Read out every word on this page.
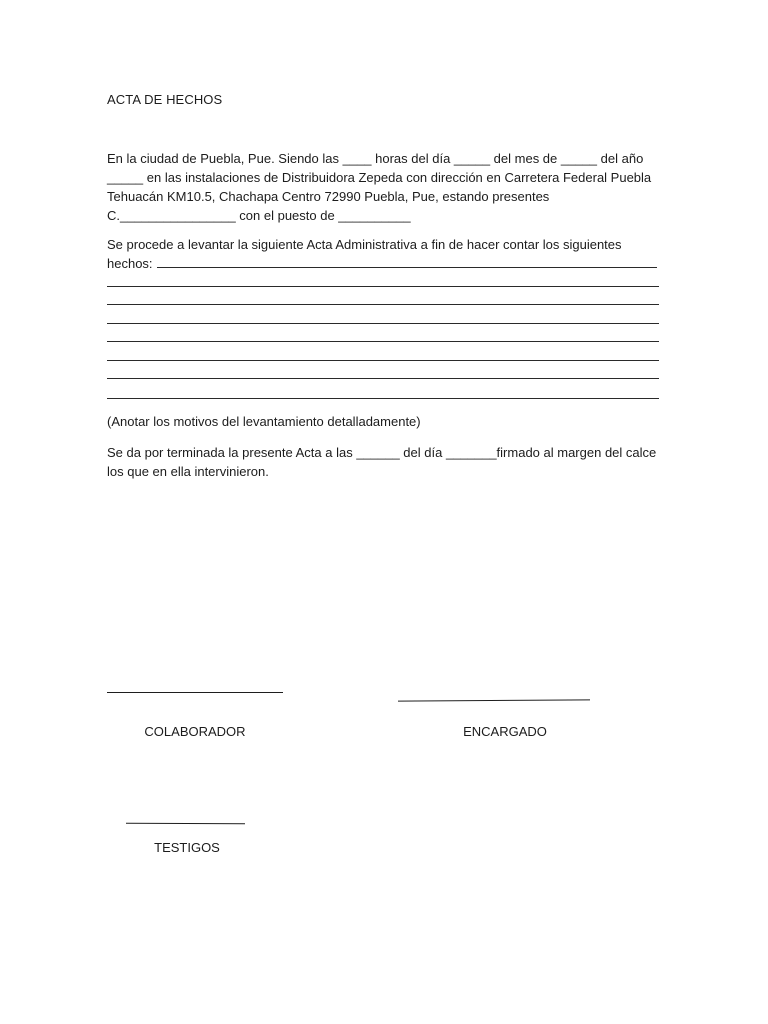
ACTA DE HECHOS
En la ciudad de Puebla, Pue. Siendo las ____ horas del día _____ del mes de _____ del año _____ en las instalaciones de Distribuidora Zepeda con dirección en Carretera Federal Puebla Tehuacán KM10.5, Chachapa Centro 72990 Puebla, Pue, estando presentes C.________________ con el puesto de __________
Se procede a levantar la siguiente Acta Administrativa a fin de hacer contar los siguientes hechos:
(Anotar los motivos del levantamiento detalladamente)
Se da por terminada la presente Acta a las ______ del día _______firmado al margen del calce los que en ella intervinieron.
COLABORADOR	ENCARGADO
TESTIGOS
